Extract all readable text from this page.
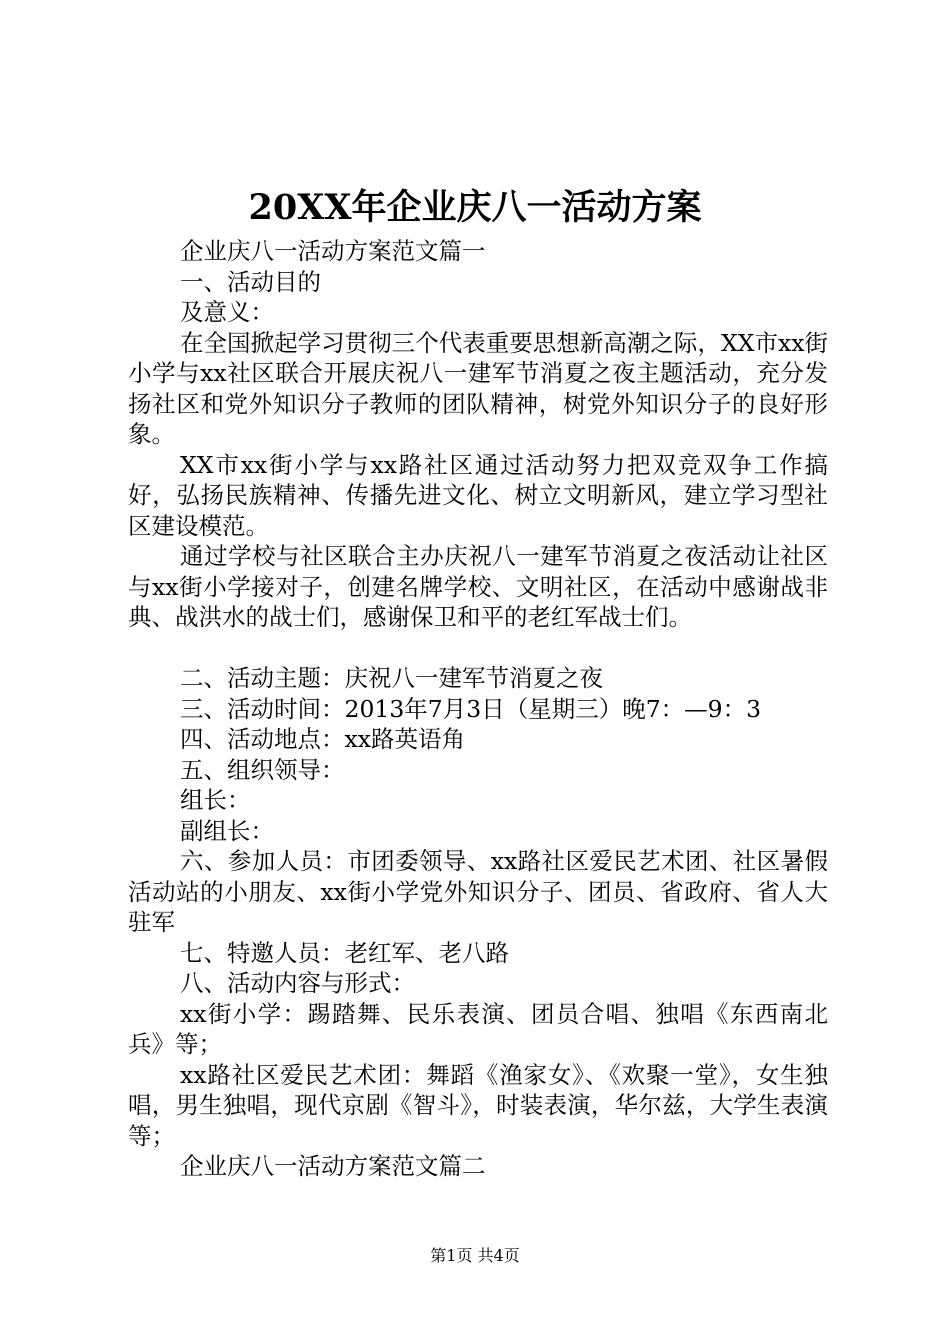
20XX年企业庆八一活动方案

企业庆八一活动方案范文篇一

一、活动目的

及意义：

在全国掀起学习贯彻三个代表重要思想新高潮之际，XX市xx街小学与xx社区联合开展庆祝八一建军节消夏之夜主题活动，充分发扬社区和党外知识分子教师的团队精神，树党外知识分子的良好形象。

XX市xx街小学与xx路社区通过活动努力把双竞双争工作搞好，弘扬民族精神、传播先进文化、树立文明新风，建立学习型社区建设模范。

通过学校与社区联合主办庆祝八一建军节消夏之夜活动让社区与xx街小学接对子，创建名牌学校、文明社区，在活动中感谢战非典、战洪水的战士们，感谢保卫和平的老红军战士们。

二、活动主题：庆祝八一建军节消夏之夜

三、活动时间：2013年7月3日（星期三）晚7：—9：3

四、活动地点：xx路英语角

五、组织领导：

组长：

副组长：

六、参加人员：市团委领导、xx路社区爱民艺术团、社区暑假活动站的小朋友、xx街小学党外知识分子、团员、省政府、省人大驻军

七、特邀人员：老红军、老八路

八、活动内容与形式：

xx街小学：踢踏舞、民乐表演、团员合唱、独唱《东西南北兵》等；

xx路社区爱民艺术团：舞蹈《渔家女》、《欢聚一堂》，女生独唱，男生独唱，现代京剧《智斗》，时装表演，华尔兹，大学生表演等；

企业庆八一活动方案范文篇二

第1页 共4页
